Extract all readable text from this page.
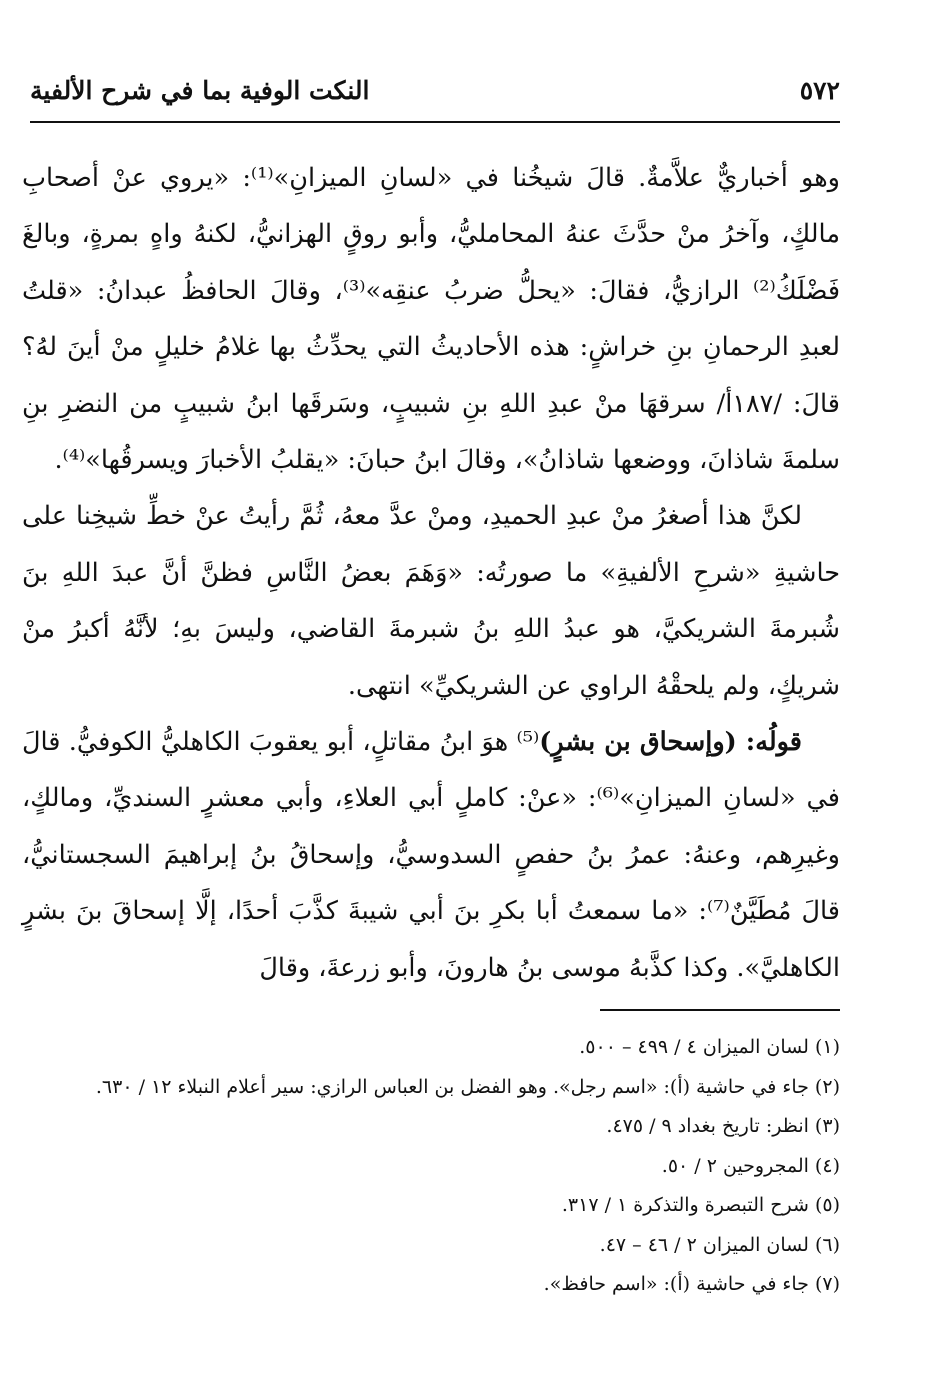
٥٧٢
النكت الوفية بما في شرح الألفية

وهو أخباريٌّ علاَّمةٌ. قالَ شيخُنا في «لسانِ الميزانِ»⁽¹⁾: «يروي عنْ أصحابِ مالكٍ، وآخرُ منْ حدَّثَ عنهُ المحامليُّ، وأبو روقٍ الهزانيُّ، لكنهُ واهٍ بمرةٍ، وبالغَ فَضْلَكُ⁽²⁾ الرازيُّ، فقالَ: «يحلُّ ضربُ عنقِه»⁽³⁾، وقالَ الحافظُ عبدانُ: «قلتُ لعبدِ الرحمانِ بنِ خراشٍ: هذه الأحاديثُ التي يحدِّثُ بها غلامُ خليلٍ منْ أينَ لهُ؟ قالَ: /١٨٧أ/ سرقهَا منْ عبدِ اللهِ بنِ شبيبٍ، وسَرقَها ابنُ شبيبٍ من النضرِ بنِ سلمةَ شاذانَ، ووضعها شاذانُ»، وقالَ ابنُ حبانَ: «يقلبُ الأخبارَ ويسرقُها»⁽⁴⁾.

لكنَّ هذا أصغرُ منْ عبدِ الحميدِ، ومنْ عدَّ معهُ، ثُمَّ رأيتُ عنْ خطِّ شيخِنا على حاشيةِ «شرحِ الألفيةِ» ما صورتُه: «وَهَمَ بعضُ النَّاسِ فظنَّ أنَّ عبدَ اللهِ بنَ شُبرمةَ الشريكيَّ، هو عبدُ اللهِ بنُ شبرمةَ القاضي، وليسَ بهِ؛ لأنَّهُ أكبرُ منْ شريكٍ، ولم يلحقْهُ الراوي عن الشريكيِّ» انتهى.

قولُه: (وإسحاق بن بشرٍ)⁽⁵⁾ هوَ ابنُ مقاتلٍ، أبو يعقوبَ الكاهليُّ الكوفيُّ. قالَ في «لسانِ الميزانِ»⁽⁶⁾: «عنْ: كاملٍ أبي العلاءِ، وأبي معشرٍ السنديِّ، ومالكٍ، وغيرِهم، وعنهُ: عمرُ بنُ حفصٍ السدوسيُّ، وإسحاقُ بنُ إبراهيمَ السجستانيُّ، قالَ مُطَيَّنٌ⁽⁷⁾: «ما سمعتُ أبا بكرِ بنَ أبي شيبةَ كذَّبَ أحدًا، إلَّا إسحاقَ بنَ بشرٍ الكاهليَّ». وكذا كذَّبهُ موسى بنُ هارونَ، وأبو زرعةَ، وقالَ

(١) لسان الميزان ٤ / ٤٩٩ – ٥٠٠.
(٢) جاء في حاشية (أ): «اسم رجل». وهو الفضل بن العباس الرازي: سير أعلام النبلاء ١٢ / ٦٣٠.
(٣) انظر: تاريخ بغداد ٩ / ٤٧٥.
(٤) المجروحين ٢ / ٥٠.
(٥) شرح التبصرة والتذكرة ١ / ٣١٧.
(٦) لسان الميزان ٢ / ٤٦ – ٤٧.
(٧) جاء في حاشية (أ): «اسم حافظ».
